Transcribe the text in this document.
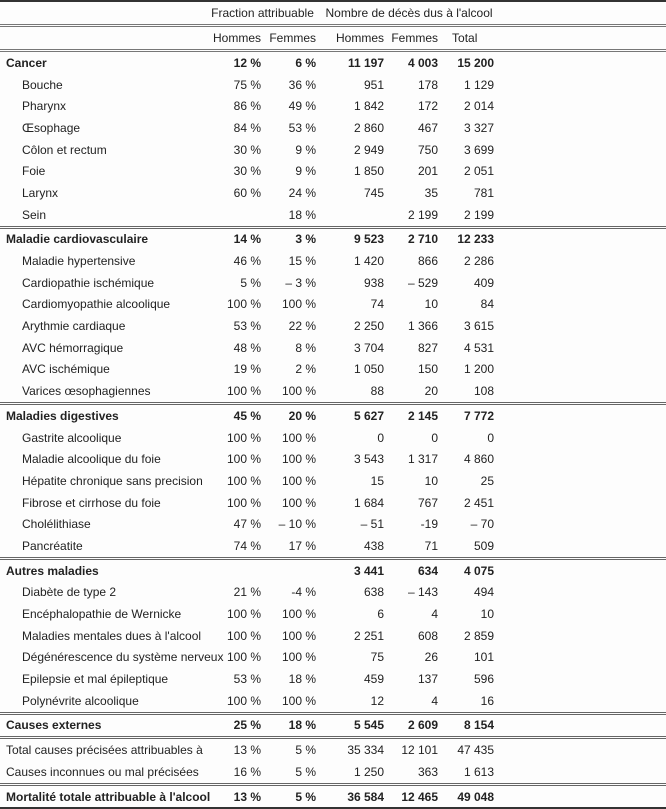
	Fraction attribuable		Nombre de décès dus à l'alcool			
	Hommes	Femmes	Hommes	Femmes	Total	
Cancer	12 %	6 %	11 197	4 003	15 200	
Bouche	75 %	36 %	951	178	1 129	
Pharynx	86 %	49 %	1 842	172	2 014	
Œsophage	84 %	53 %	2 860	467	3 327	
Côlon et rectum	30 %	9 %	2 949	750	3 699	
Foie	30 %	9 %	1 850	201	2 051	
Larynx	60 %	24 %	745	35	781	
Sein		18 %		2 199	2 199	
Maladie cardiovasculaire	14 %	3 %	9 523	2 710	12 233	
Maladie hypertensive	46 %	15 %	1 420	866	2 286	
Cardiopathie ischémique	5 %	– 3 %	938	– 529	409	
Cardiomyopathie alcoolique	100 %	100 %	74	10	84	
Arythmie cardiaque	53 %	22 %	2 250	1 366	3 615	
AVC hémorragique	48 %	8 %	3 704	827	4 531	
AVC ischémique	19 %	2 %	1 050	150	1 200	
Varices œsophagiennes	100 %	100 %	88	20	108	
Maladies digestives	45 %	20 %	5 627	2 145	7 772	
Gastrite alcoolique	100 %	100 %	0	0	0	
Maladie alcoolique du foie	100 %	100 %	3 543	1 317	4 860	
Hépatite chronique sans precision	100 %	100 %	15	10	25	
Fibrose et cirrhose du foie	100 %	100 %	1 684	767	2 451	
Cholélithiase	47 %	– 10 %	– 51	-19	– 70	
Pancréatite	74 %	17 %	438	71	509	
Autres maladies			3 441	634	4 075	
Diabète de type 2	21 %	-4 %	638	– 143	494	
Encéphalopathie de Wernicke	100 %	100 %	6	4	10	
Maladies mentales dues à l'alcool	100 %	100 %	2 251	608	2 859	
Dégénérescence du système nerveux	100 %	100 %	75	26	101	
Epilepsie et mal épileptique	53 %	18 %	459	137	596	
Polynévrite alcoolique	100 %	100 %	12	4	16	
Causes externes	25 %	18 %	5 545	2 609	8 154	
Total causes précisées attribuables à	13 %	5 %	35 334	12 101	47 435	
Causes inconnues ou mal précisées	16 %	5 %	1 250	363	1 613	
Mortalité totale attribuable à l'alcool	13 %	5 %	36 584	12 465	49 048	
